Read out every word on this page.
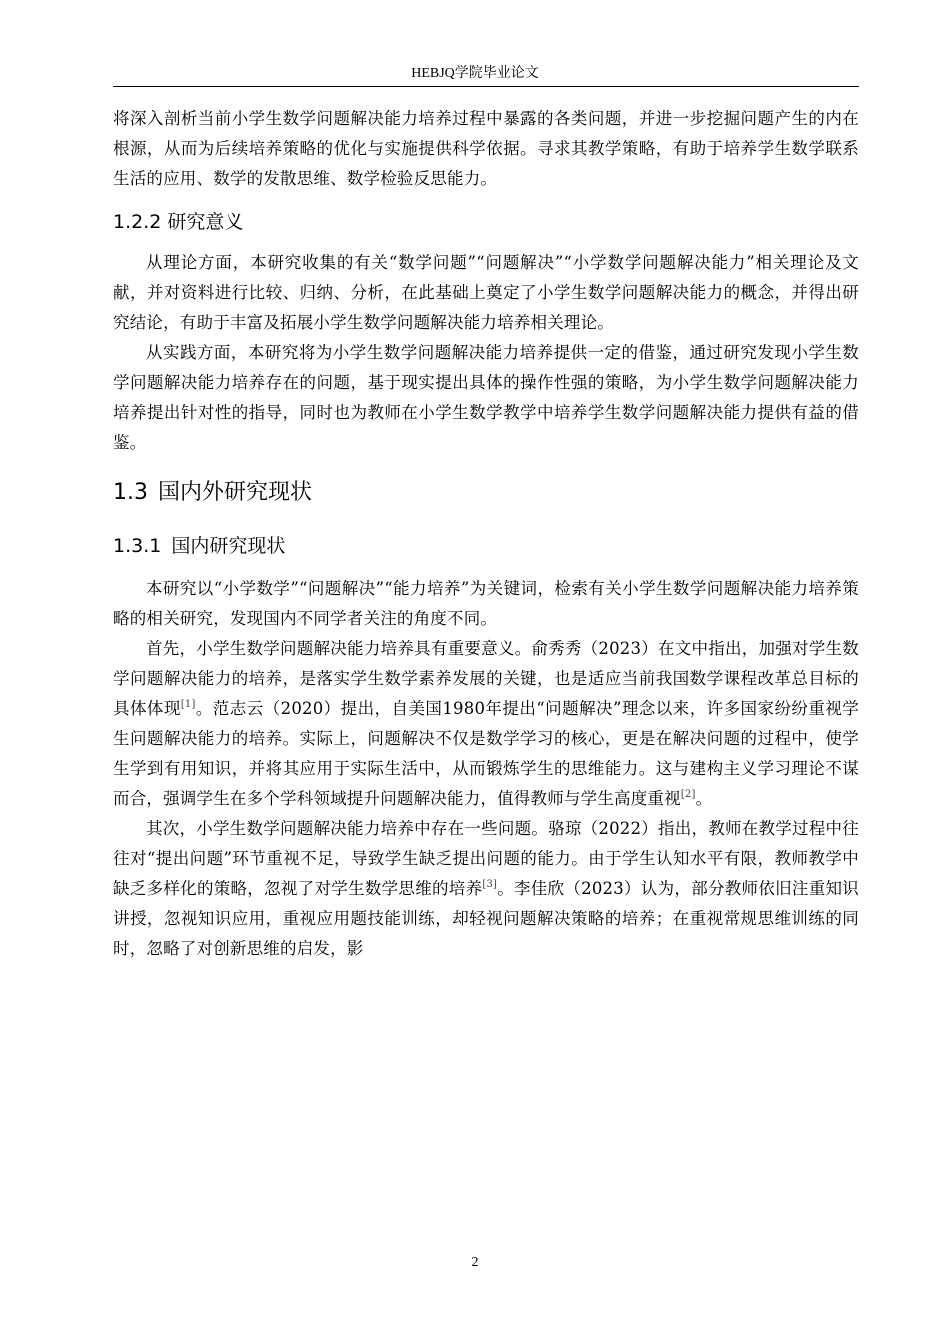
HEBJQ学院毕业论文

将深入剖析当前小学生数学问题解决能力培养过程中暴露的各类问题，并进一步挖掘问题产生的内在根源，从而为后续培养策略的优化与实施提供科学依据。寻求其教学策略，有助于培养学生数学联系生活的应用、数学的发散思维、数学检验反思能力。

1.2.2 研究意义

从理论方面，本研究收集的有关“数学问题”“问题解决”“小学数学问题解决能力”相关理论及文献，并对资料进行比较、归纳、分析，在此基础上奠定了小学生数学问题解决能力的概念，并得出研究结论，有助于丰富及拓展小学生数学问题解决能力培养相关理论。

从实践方面，本研究将为小学生数学问题解决能力培养提供一定的借鉴，通过研究发现小学生数学问题解决能力培养存在的问题，基于现实提出具体的操作性强的策略，为小学生数学问题解决能力培养提出针对性的指导，同时也为教师在小学生数学教学中培养学生数学问题解决能力提供有益的借鉴。

1.3 国内外研究现状
1.3.1 国内研究现状

本研究以“小学数学”“问题解决”“能力培养”为关键词，检索有关小学生数学问题解决能力培养策略的相关研究，发现国内不同学者关注的角度不同。

首先，小学生数学问题解决能力培养具有重要意义。俞秀秀（2023）在文中指出，加强对学生数学问题解决能力的培养，是落实学生数学素养发展的关键，也是适应当前我国数学课程改革总目标的具体体现[1]。范志云（2020）提出，自美国1980年提出“问题解决”理念以来，许多国家纷纷重视学生问题解决能力的培养。实际上，问题解决不仅是数学学习的核心，更是在解决问题的过程中，使学生学到有用知识，并将其应用于实际生活中，从而锻炼学生的思维能力。这与建构主义学习理论不谋而合，强调学生在多个学科领域提升问题解决能力，值得教师与学生高度重视[2]。

其次，小学生数学问题解决能力培养中存在一些问题。骆琼（2022）指出，教师在教学过程中往往对“提出问题”环节重视不足，导致学生缺乏提出问题的能力。由于学生认知水平有限，教师教学中缺乏多样化的策略，忽视了对学生数学思维的培养[3]。李佳欣（2023）认为，部分教师依旧注重知识讲授，忽视知识应用，重视应用题技能训练，却轻视问题解决策略的培养；在重视常规思维训练的同时，忽略了对创新思维的启发，影

2
